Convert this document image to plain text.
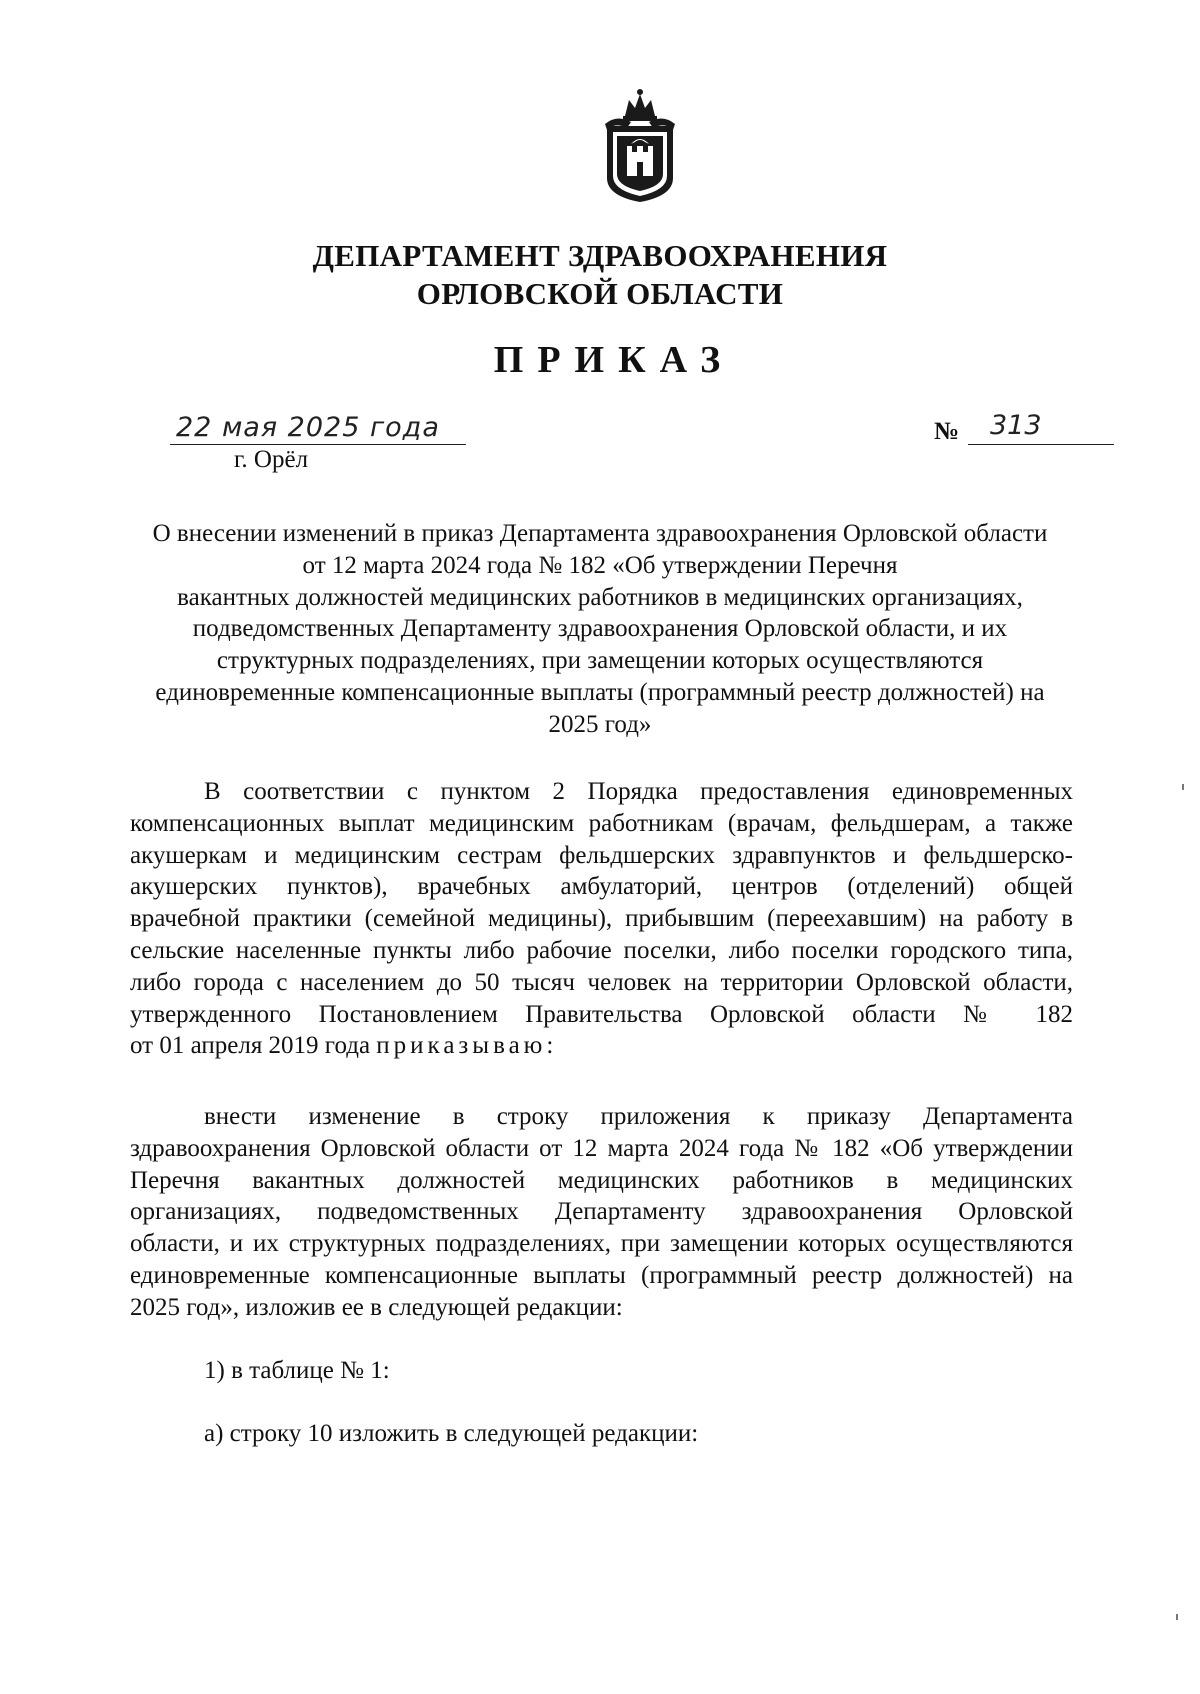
ДЕПАРТАМЕНТ ЗДРАВООХРАНЕНИЯ
ОРЛОВСКОЙ ОБЛАСТИ
ПРИКАЗ
22 мая 2025 года
г. Орёл
№ 313
О внесении изменений в приказ Департамента здравоохранения Орловской области
от 12 марта 2024 года № 182 «Об утверждении Перечня
вакантных должностей медицинских работников в медицинских организациях,
подведомственных Департаменту здравоохранения Орловской области, и их
структурных подразделениях, при замещении которых осуществляются
единовременные компенсационные выплаты (программный реестр должностей) на
2025 год»
В соответствии с пунктом 2 Порядка предоставления единовременных
компенсационных выплат медицинским работникам (врачам, фельдшерам, а также
акушеркам и медицинским сестрам фельдшерских здравпунктов и фельдшерско-
акушерских пунктов), врачебных амбулаторий, центров (отделений) общей
врачебной практики (семейной медицины), прибывшим (переехавшим) на работу в
сельские населенные пункты либо рабочие поселки, либо поселки городского типа,
либо города с населением до 50 тысяч человек на территории Орловской области,
утвержденного Постановлением Правительства Орловской области № 182
от 01 апреля 2019 года приказываю:
внести изменение в строку приложения к приказу Департамента
здравоохранения Орловской области от 12 марта 2024 года № 182 «Об утверждении
Перечня вакантных должностей медицинских работников в медицинских
организациях, подведомственных Департаменту здравоохранения Орловской
области, и их структурных подразделениях, при замещении которых осуществляются
единовременные компенсационные выплаты (программный реестр должностей) на
2025 год», изложив ее в следующей редакции:
1) в таблице № 1:
а) строку 10 изложить в следующей редакции:
